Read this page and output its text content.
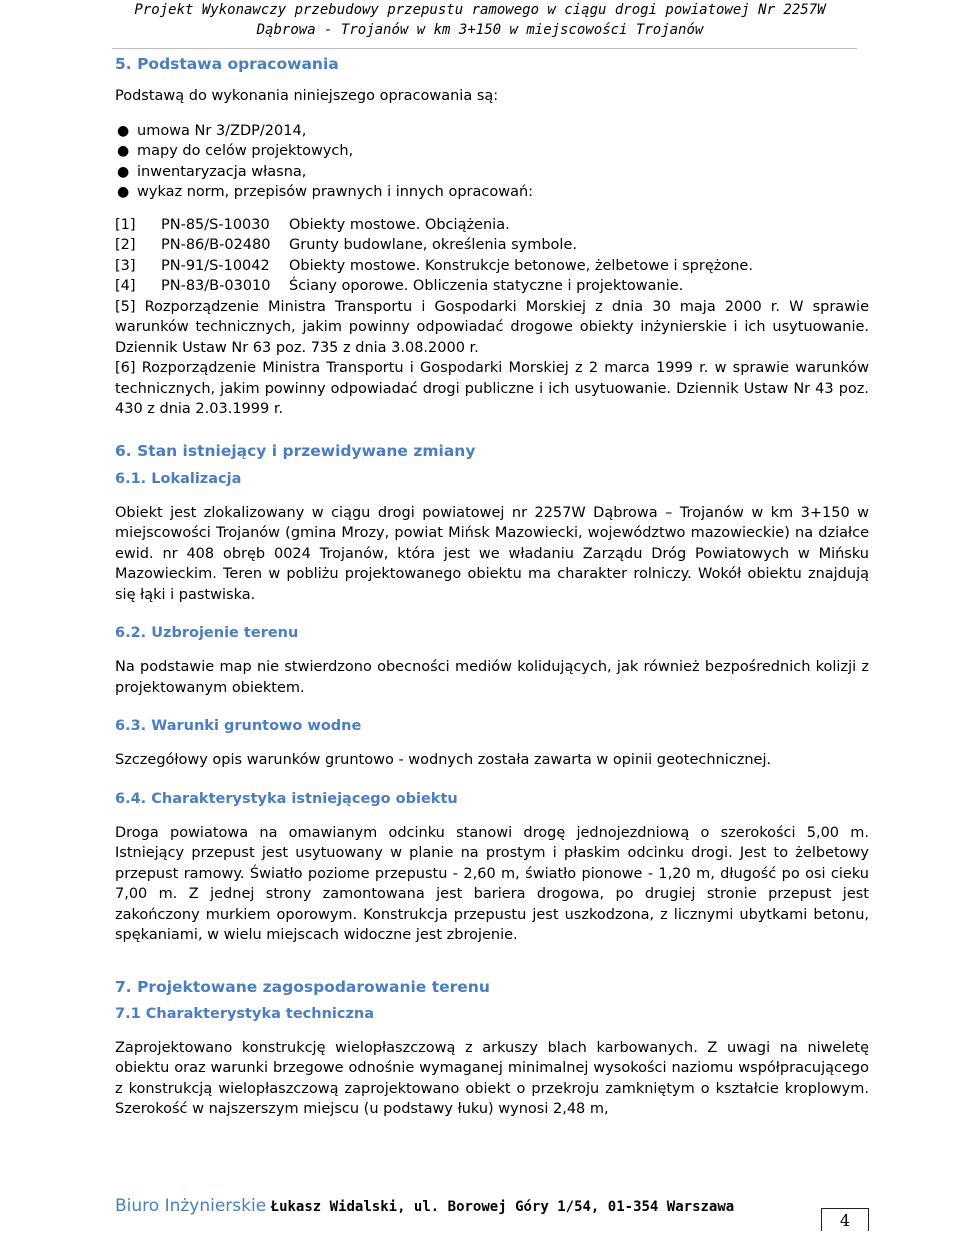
Projekt Wykonawczy przebudowy przepustu ramowego w ciągu drogi powiatowej Nr 2257W
Dąbrowa - Trojanów w km 3+150 w miejscowości Trojanów
5. Podstawa opracowania

Podstawą do wykonania niniejszego opracowania są:

● umowa Nr 3/ZDP/2014,
● mapy do celów projektowych,
● inwentaryzacja własna,
● wykaz norm, przepisów prawnych i innych opracowań:
[1] PN-85/S-10030 Obiekty mostowe. Obciążenia.
[2] PN-86/B-02480 Grunty budowlane, określenia symbole.
[3] PN-91/S-10042 Obiekty mostowe. Konstrukcje betonowe, żelbetowe i sprężone.
[4] PN-83/B-03010 Ściany oporowe. Obliczenia statyczne i projektowanie.

[5] Rozporządzenie Ministra Transportu i Gospodarki Morskiej z dnia 30 maja 2000 r. W sprawie warunków technicznych, jakim powinny odpowiadać drogowe obiekty inżynierskie i ich usytuowanie. Dziennik Ustaw Nr 63 poz. 735 z dnia 3.08.2000 r.

[6] Rozporządzenie Ministra Transportu i Gospodarki Morskiej z 2 marca 1999 r. w sprawie warunków technicznych, jakim powinny odpowiadać drogi publiczne i ich usytuowanie. Dziennik Ustaw Nr 43 poz. 430 z dnia 2.03.1999 r.

6. Stan istniejący i przewidywane zmiany
6.1. Lokalizacja

Obiekt jest zlokalizowany w ciągu drogi powiatowej nr 2257W Dąbrowa – Trojanów w km 3+150 w miejscowości Trojanów (gmina Mrozy, powiat Mińsk Mazowiecki, województwo mazowieckie) na działce ewid. nr 408 obręb 0024 Trojanów, która jest we władaniu Zarządu Dróg Powiatowych w Mińsku Mazowieckim. Teren w pobliżu projektowanego obiektu ma charakter rolniczy. Wokół obiektu znajdują się łąki i pastwiska.

6.2. Uzbrojenie terenu

Na podstawie map nie stwierdzono obecności mediów kolidujących, jak również bezpośrednich kolizji z projektowanym obiektem.

6.3. Warunki gruntowo wodne

Szczegółowy opis warunków gruntowo - wodnych została zawarta w opinii geotechnicznej.

6.4. Charakterystyka istniejącego obiektu

Droga powiatowa na omawianym odcinku stanowi drogę jednojezdniową o szerokości 5,00 m. Istniejący przepust jest usytuowany w planie na prostym i płaskim odcinku drogi. Jest to żelbetowy przepust ramowy. Światło poziome przepustu - 2,60 m, światło pionowe - 1,20 m, długość po osi cieku 7,00 m. Z jednej strony zamontowana jest bariera drogowa, po drugiej stronie przepust jest zakończony murkiem oporowym. Konstrukcja przepustu jest uszkodzona, z licznymi ubytkami betonu, spękaniami, w wielu miejscach widoczne jest zbrojenie.

7. Projektowane zagospodarowanie terenu
7.1 Charakterystyka techniczna

Zaprojektowano konstrukcję wielopłaszczową z arkuszy blach karbowanych. Z uwagi na niweletę obiektu oraz warunki brzegowe odnośnie wymaganej minimalnej wysokości naziomu współpracującego z konstrukcją wielopłaszczową zaprojektowano obiekt o przekroju zamkniętym o kształcie kroplowym. Szerokość w najszerszym miejscu (u podstawy łuku) wynosi 2,48 m,

Biuro Inżynierskie Łukasz Widalski, ul. Borowej Góry 1/54, 01-354 Warszawa
4
